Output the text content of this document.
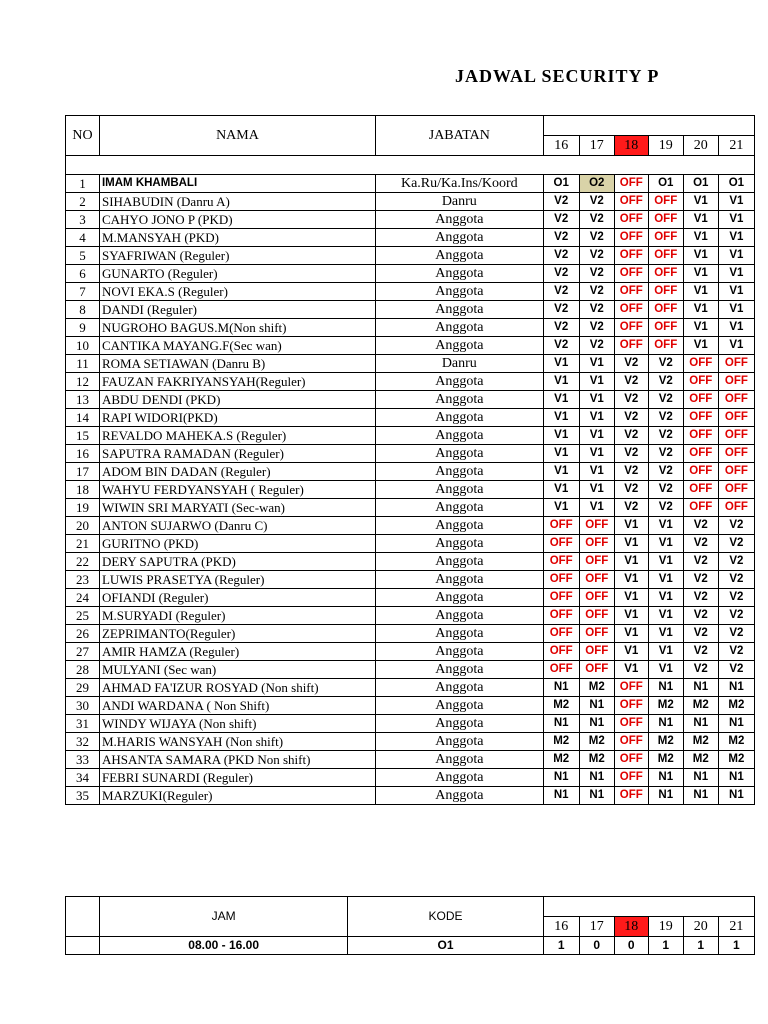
JADWAL SECURITY P
NO	NAMA	JABATAN						
			16	17	18	19	20	21

1	IMAM KHAMBALI	Ka.Ru/Ka.Ins/Koord	O1	O2	OFF	O1	O1	O1
2	SIHABUDIN (Danru A)	Danru	V2	V2	OFF	OFF	V1	V1
3	CAHYO JONO P (PKD)	Anggota	V2	V2	OFF	OFF	V1	V1
4	M.MANSYAH (PKD)	Anggota	V2	V2	OFF	OFF	V1	V1
5	SYAFRIWAN (Reguler)	Anggota	V2	V2	OFF	OFF	V1	V1
6	GUNARTO (Reguler)	Anggota	V2	V2	OFF	OFF	V1	V1
7	NOVI EKA.S (Reguler)	Anggota	V2	V2	OFF	OFF	V1	V1
8	DANDI (Reguler)	Anggota	V2	V2	OFF	OFF	V1	V1
9	NUGROHO BAGUS.M(Non shift)	Anggota	V2	V2	OFF	OFF	V1	V1
10	CANTIKA MAYANG.F(Sec wan)	Anggota	V2	V2	OFF	OFF	V1	V1
11	ROMA SETIAWAN (Danru B)	Danru	V1	V1	V2	V2	OFF	OFF
12	FAUZAN FAKRIYANSYAH(Reguler)	Anggota	V1	V1	V2	V2	OFF	OFF
13	ABDU DENDI (PKD)	Anggota	V1	V1	V2	V2	OFF	OFF
14	RAPI WIDORI(PKD)	Anggota	V1	V1	V2	V2	OFF	OFF
15	REVALDO MAHEKA.S (Reguler)	Anggota	V1	V1	V2	V2	OFF	OFF
16	SAPUTRA RAMADAN (Reguler)	Anggota	V1	V1	V2	V2	OFF	OFF
17	ADOM BIN DADAN (Reguler)	Anggota	V1	V1	V2	V2	OFF	OFF
18	WAHYU FERDYANSYAH ( Reguler)	Anggota	V1	V1	V2	V2	OFF	OFF
19	WIWIN SRI MARYATI (Sec-wan)	Anggota	V1	V1	V2	V2	OFF	OFF
20	ANTON SUJARWO (Danru C)	Anggota	OFF	OFF	V1	V1	V2	V2
21	GURITNO (PKD)	Anggota	OFF	OFF	V1	V1	V2	V2
22	DERY SAPUTRA (PKD)	Anggota	OFF	OFF	V1	V1	V2	V2
23	LUWIS PRASETYA (Reguler)	Anggota	OFF	OFF	V1	V1	V2	V2
24	OFIANDI (Reguler)	Anggota	OFF	OFF	V1	V1	V2	V2
25	M.SURYADI (Reguler)	Anggota	OFF	OFF	V1	V1	V2	V2
26	ZEPRIMANTO(Reguler)	Anggota	OFF	OFF	V1	V1	V2	V2
27	AMIR HAMZA (Reguler)	Anggota	OFF	OFF	V1	V1	V2	V2
28	MULYANI (Sec wan)	Anggota	OFF	OFF	V1	V1	V2	V2
29	AHMAD FA'IZUR ROSYAD (Non shift)	Anggota	N1	M2	OFF	N1	N1	N1
30	ANDI WARDANA ( Non Shift)	Anggota	M2	N1	OFF	M2	M2	M2
31	WINDY WIJAYA (Non shift)	Anggota	N1	N1	OFF	N1	N1	N1
32	M.HARIS WANSYAH (Non shift)	Anggota	M2	M2	OFF	M2	M2	M2
33	AHSANTA SAMARA (PKD Non shift)	Anggota	M2	M2	OFF	M2	M2	M2
34	FEBRI SUNARDI (Reguler)	Anggota	N1	N1	OFF	N1	N1	N1
35	MARZUKI(Reguler)	Anggota	N1	N1	OFF	N1	N1	N1
	JAM	KODE						
			16	17	18	19	20	21
	08.00 - 16.00	O1	1	0	0	1	1	1
